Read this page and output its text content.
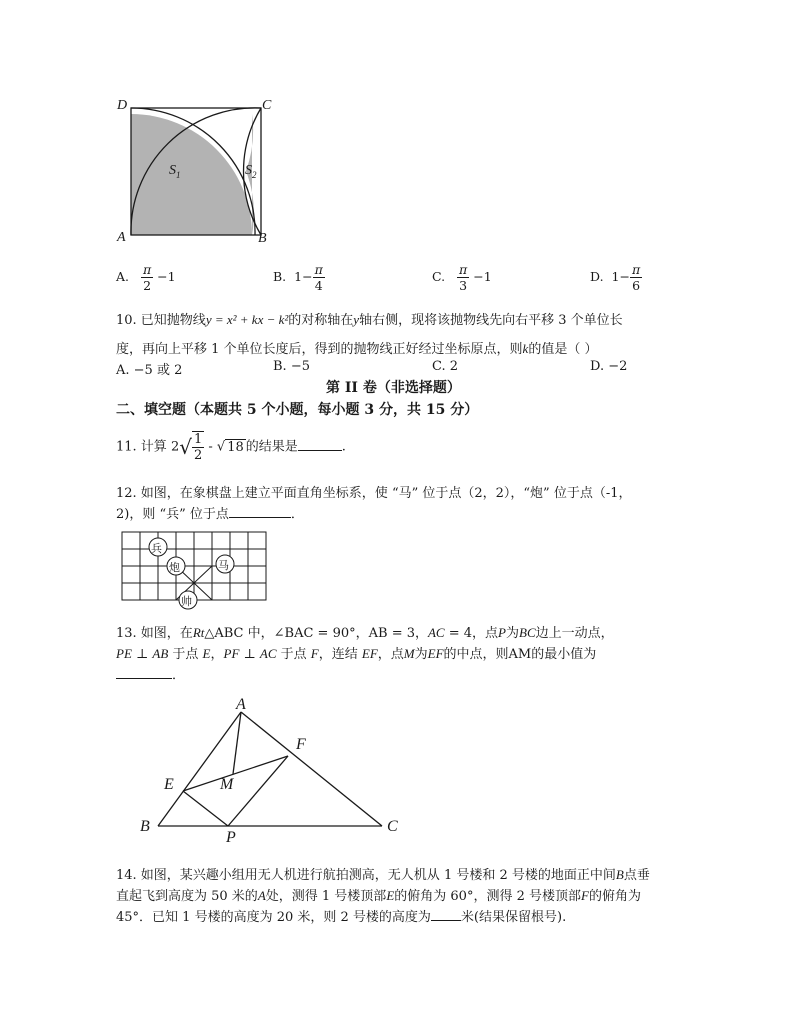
D	C
A	B
$S_1$	$S_2$
A. $\frac{\pi}{2} -1$	B. $1- \frac{\pi}{4}$	C. $\frac{\pi}{3} -1$	D. $1- \frac{\pi}{6}$
10. 已知抛物线y = x² + kx − k²的对称轴在y轴右侧，现将该抛物线先向右平移 3 个单位长
度，再向上平移 1 个单位长度后，得到的抛物线正好经过坐标原点，则k的值是（ ）
A. −5 或 2	B. −5	C. 2	D. −2
第 II 卷（非选择题）
二、填空题（本题共 5 个小题，每小题 3 分，共 15 分）
11. 计算 $2√ \frac{1}{2}$ - √ 18 的结果是	.
12. 如图，在象棋盘上建立平面直角坐标系，使 “马” 位于点（2，2），“炮” 位于点（-1，
2)，则 “兵” 位于点	．
兵
炮	马
帅
13. 如图，在Rt△ABC 中，∠BAC = 90°，AB = 3，AC = 4，点P为BC边上一动点，
PE ⊥ AB 于点 E，PF ⊥ AC 于点 F，连结 EF，点M为EF的中点，则AM的最小值为
．
A
B	C
E
F
M
P
14. 如图，某兴趣小组用无人机进行航拍测高，无人机从 1 号楼和 2 号楼的地面正中间B点垂
直起飞到高度为 50 米的A处，测得 1 号楼顶部E的俯角为 60°，测得 2 号楼顶部F的俯角为
45°．已知 1 号楼的高度为 20 米，则 2 号楼的高度为 米(结果保留根号).
